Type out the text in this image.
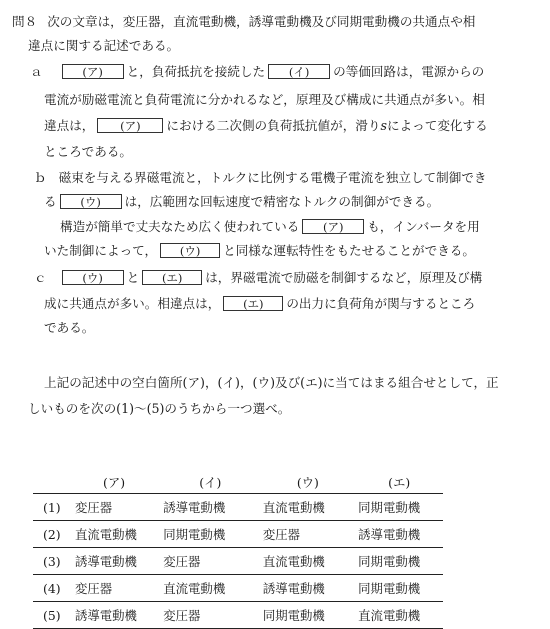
問８ 次の文章は，変圧器，直流電動機，誘導電動機及び同期電動機の共通点や相
違点に関する記述である。
ａ	(ア) と，負荷抵抗を接続した (イ) の等価回路は，電源からの
電流が励磁電流と負荷電流に分かれるなど，原理及び構成に共通点が多い。相
違点は， (ア) における二次側の負荷抵抗値が，滑りsによって変化する
ところである。
ｂ 磁束を与える界磁電流と，トルクに比例する電機子電流を独立して制御でき
る (ウ) は，広範囲な回転速度で精密なトルクの制御ができる。
構造が簡単で丈夫なため広く使われている (ア) も，インバータを用
いた制御によって， (ウ) と同様な運転特性をもたせることができる。
ｃ	(ウ) と (エ) は，界磁電流で励磁を制御するなど，原理及び構
成に共通点が多い。相違点は， (エ) の出力に負荷角が関与するところ
である。
上記の記述中の空白箇所(ア)，(イ)，(ウ)及び(エ)に当てはまる組合せとして，正
しいものを次の(1)～(5)のうちから一つ選べ。
	(ア)	(イ)	(ウ)	(エ)
(1)	変圧器	誘導電動機	直流電動機	同期電動機
(2)	直流電動機	同期電動機	変圧器	誘導電動機
(3)	誘導電動機	変圧器	直流電動機	同期電動機
(4)	変圧器	直流電動機	誘導電動機	同期電動機
(5)	誘導電動機	変圧器	同期電動機	直流電動機
